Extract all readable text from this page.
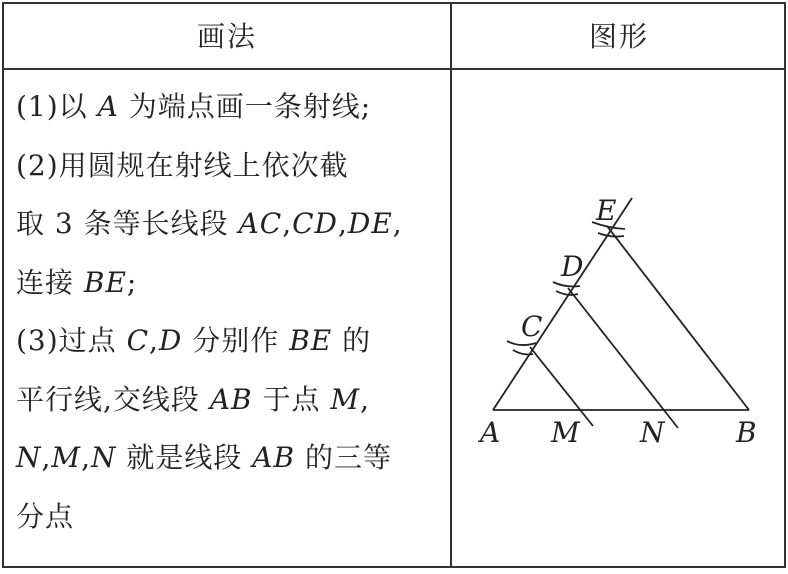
画法	图形

(1)以 A 为端点画一条射线;

(2)用圆规在射线上依次截

取 3 条等长线段 AC,CD,DE,

连接 BE;

(3)过点 C,D 分别作 BE 的

平行线,交线段 AB 于点 M,

N,M,N 就是线段 AB 的三等

分点

A M N	B
C
D
E
